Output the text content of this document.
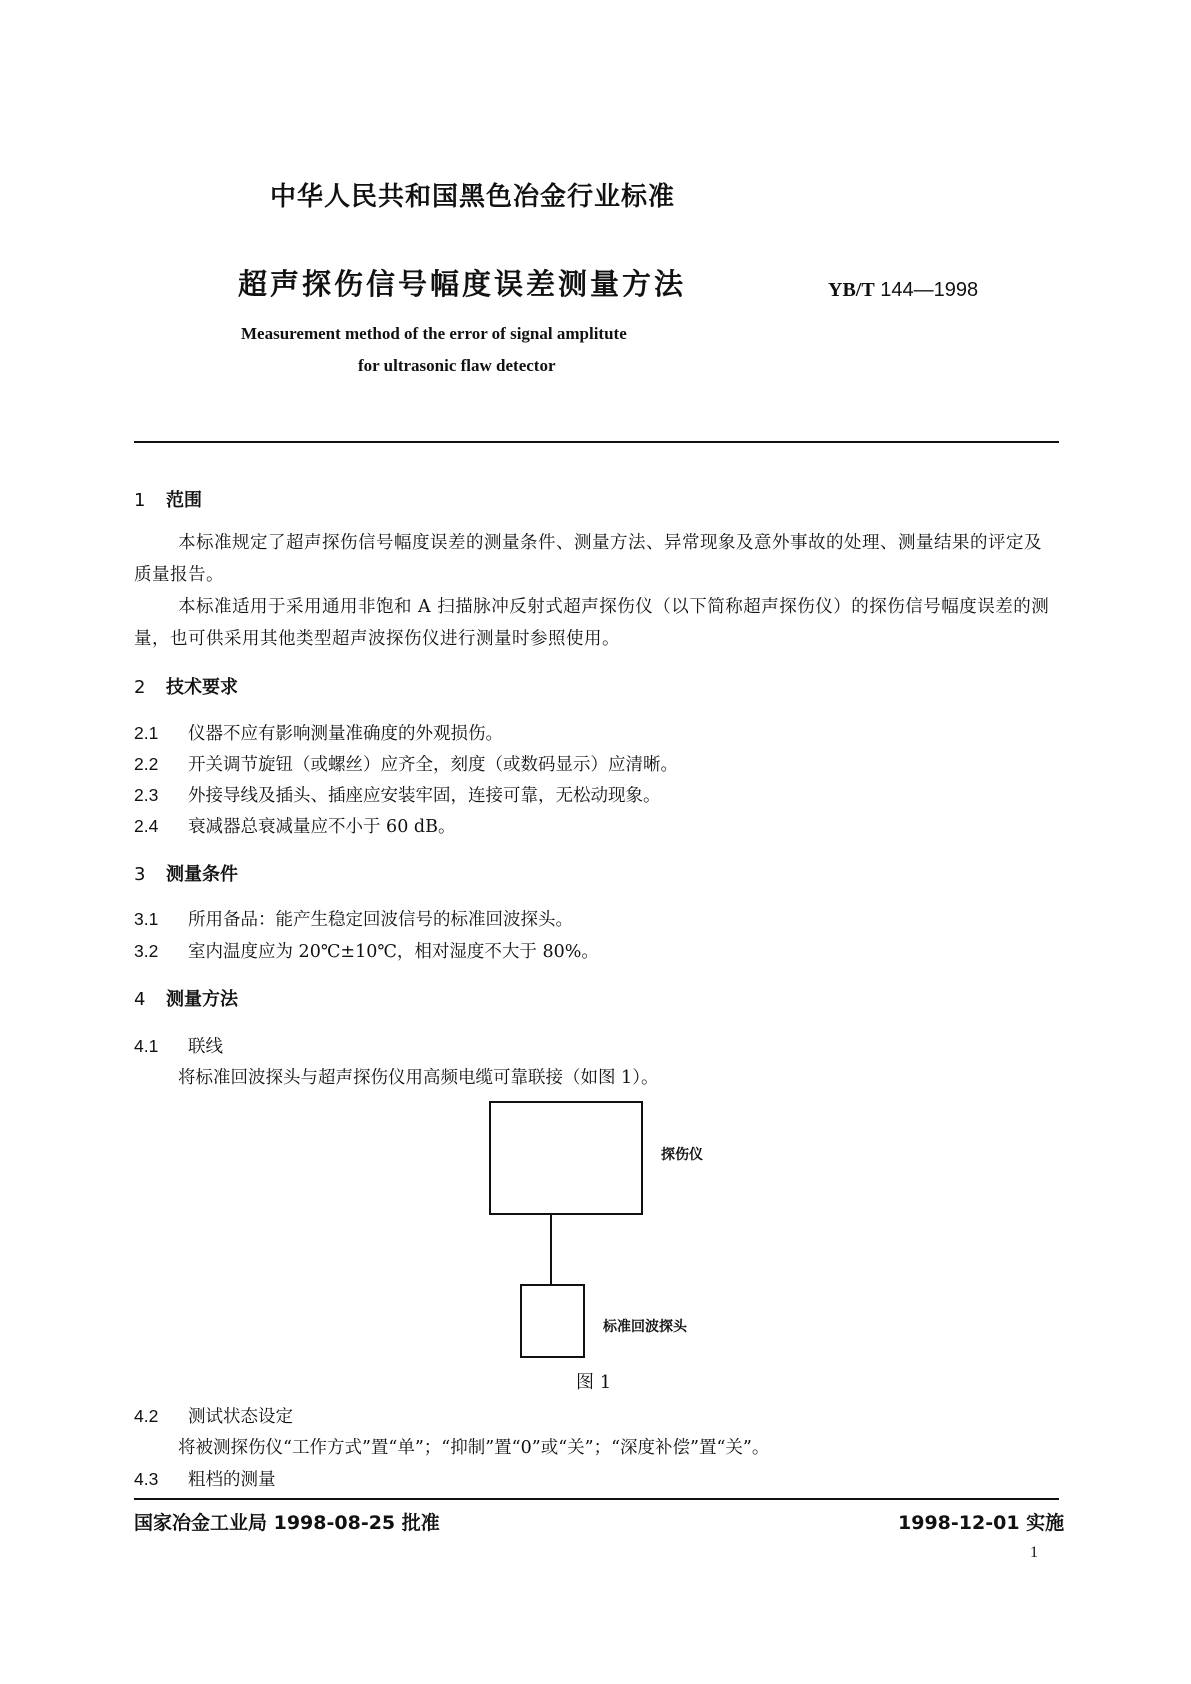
中华人民共和国黑色冶金行业标准
超声探伤信号幅度误差测量方法	YB/T 144—1998
Measurement method of the error of signal amplitute
for ultrasonic flaw detector
1 范围
本标准规定了超声探伤信号幅度误差的测量条件、测量方法、异常现象及意外事故的处理、测量结果的评定及质量报告。
本标准适用于采用通用非饱和 A 扫描脉冲反射式超声探伤仪（以下简称超声探伤仪）的探伤信号幅度误差的测量，也可供采用其他类型超声波探伤仪进行测量时参照使用。
2 技术要求
2.1 仪器不应有影响测量准确度的外观损伤。
2.2 开关调节旋钮（或螺丝）应齐全，刻度（或数码显示）应清晰。
2.3 外接导线及插头、插座应安装牢固，连接可靠，无松动现象。
2.4 衰减器总衰减量应不小于 60 dB。
3 测量条件
3.1 所用备品：能产生稳定回波信号的标准回波探头。
3.2 室内温度应为 20℃±10℃，相对湿度不大于 80%。
4 测量方法
4.1 联线
将标准回波探头与超声探伤仪用高频电缆可靠联接（如图 1）。
探伤仪
标准回波探头
图 1
4.2 测试状态设定
将被测探伤仪“工作方式”置“单”；“抑制”置“0”或“关”；“深度补偿”置“关”。
4.3 粗档的测量
国家冶金工业局 1998-08-25 批准	1998-12-01 实施
1
